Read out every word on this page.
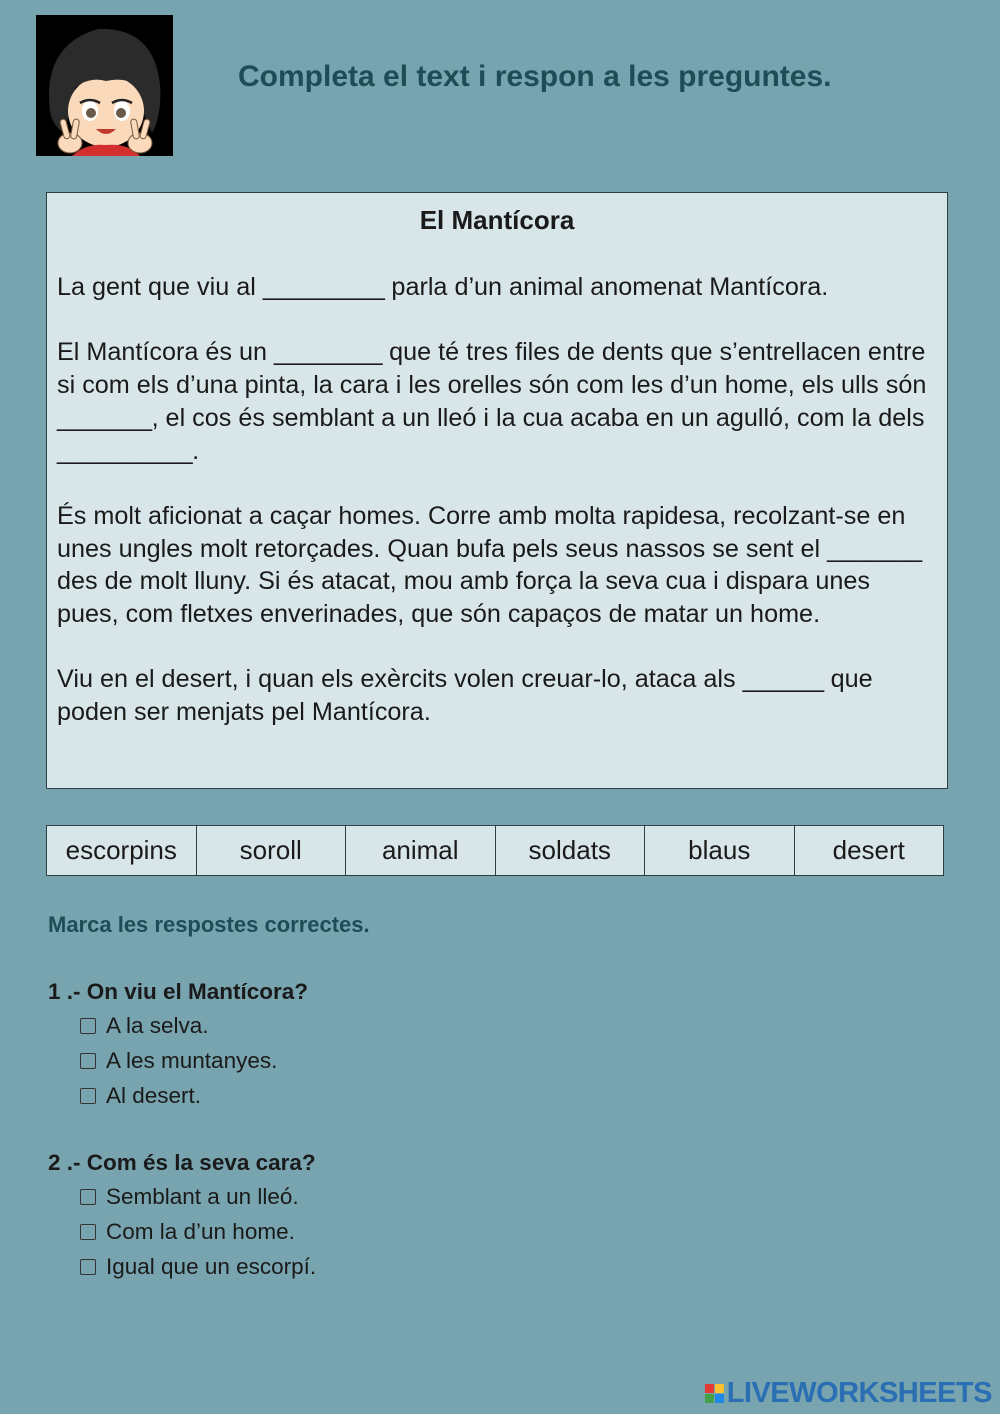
Completa el text i respon a les preguntes.
El Mantícora
La gent que viu al _________ parla d’un animal anomenat Mantícora.
El Mantícora és un ________ que té tres files de dents que s’entrellacen entre si com els d’una pinta, la cara i les orelles són com les d’un home, els ulls són _______, el cos és semblant a un lleó i la cua acaba en un agulló, com la dels __________.
És molt aficionat a caçar homes. Corre amb molta rapidesa, recolzant-se en unes ungles molt retorçades. Quan bufa pels seus nassos se sent el _______ des de molt lluny. Si és atacat, mou amb força la seva cua i dispara unes pues, com fletxes enverinades, que són capaços de matar un home.
Viu en el desert, i quan els exèrcits volen creuar-lo, ataca als ______ que poden ser menjats pel Mantícora.
escorpins	soroll	animal	soldats	blaus	desert
Marca les respostes correctes.
1 .- On viu el Mantícora?
A la selva.
A les muntanyes.
Al desert.
2 .- Com és la seva cara?
Semblant a un lleó.
Com la d’un home.
Igual que un escorpí.
LIVEWORKSHEETS
